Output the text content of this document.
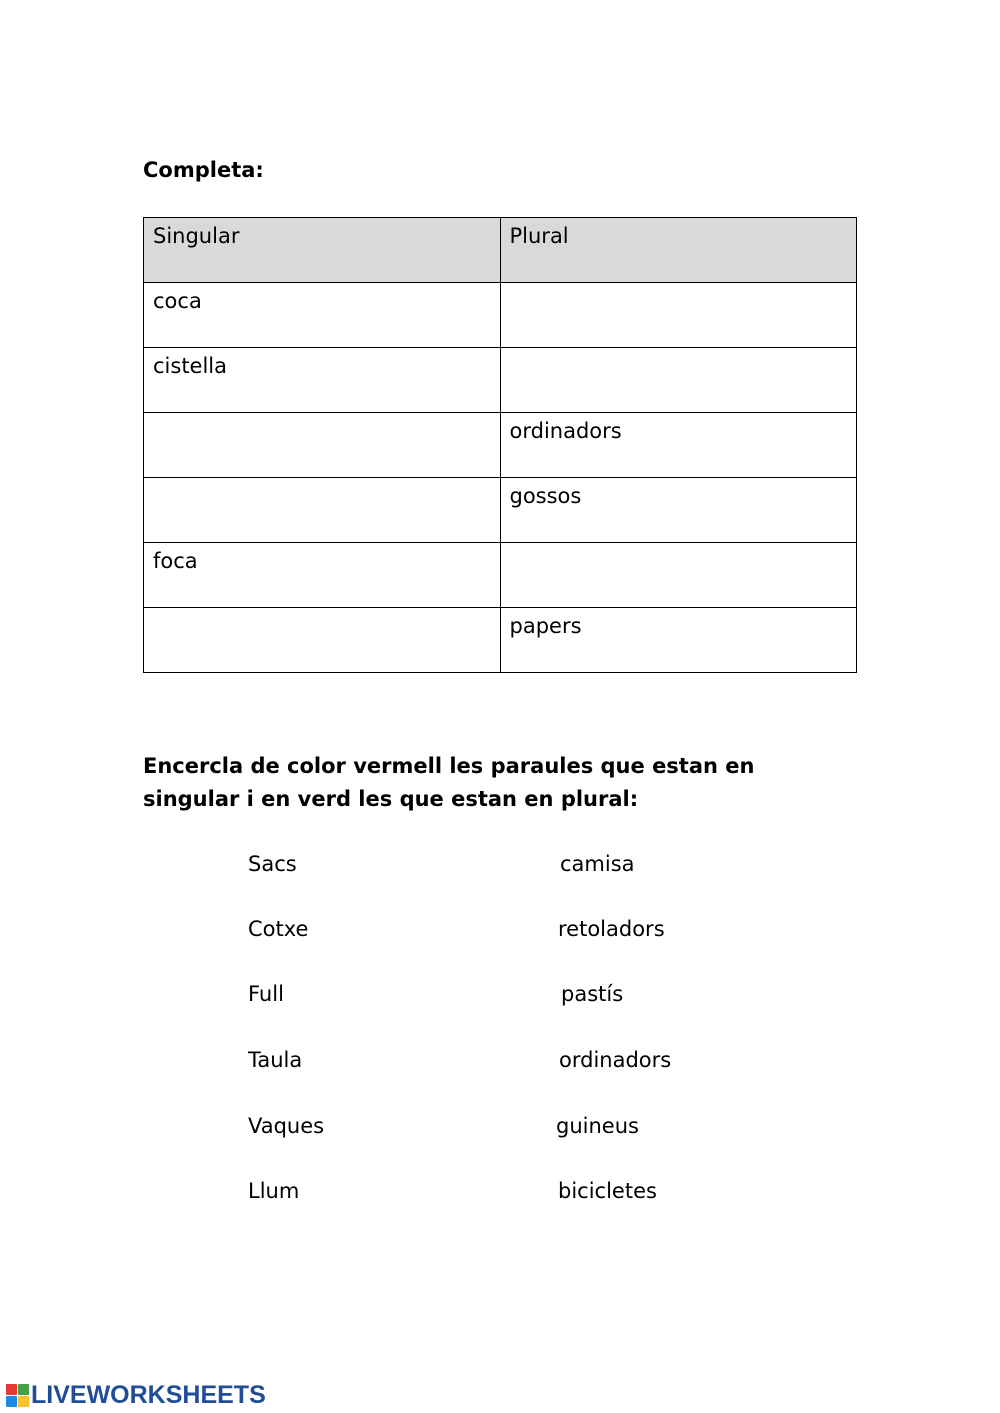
Completa:
Singular	Plural
coca	
cistella	
	ordinadors
	gossos
foca	
	papers

Encercla de color vermell les paraules que estan en singular i en verd les que estan en plural:

Sacs
Cotxe
Full
Taula
Vaques
Llum
camisa
retoladors
pastís
ordinadors
guineus
bicicletes
LIVEWORKSHEETS
